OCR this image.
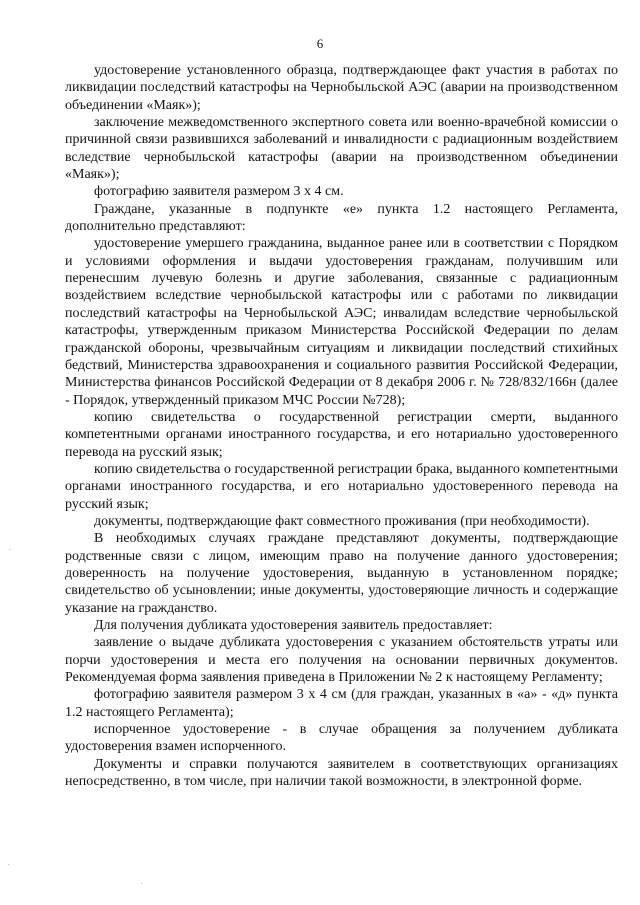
6

удостоверение установленного образца, подтверждающее факт участия в работах по ликвидации последствий катастрофы на Чернобыльской АЭС (аварии на производственном объединении «Маяк»);

заключение межведомственного экспертного совета или военно-врачебной комиссии о причинной связи развившихся заболеваний и инвалидности с радиационным воздействием вследствие чернобыльской катастрофы (аварии на производственном объединении «Маяк»);

фотографию заявителя размером 3 х 4 см.

Граждане, указанные в подпункте «е» пункта 1.2 настоящего Регламента, дополнительно представляют:

удостоверение умершего гражданина, выданное ранее или в соответствии с Порядком и условиями оформления и выдачи удостоверения гражданам, получившим или перенесшим лучевую болезнь и другие заболевания, связанные с радиационным воздействием вследствие чернобыльской катастрофы или с работами по ликвидации последствий катастрофы на Чернобыльской АЭС; инвалидам вследствие чернобыльской катастрофы, утвержденным приказом Министерства Российской Федерации по делам гражданской обороны, чрезвычайным ситуациям и ликвидации последствий стихийных бедствий, Министерства здравоохранения и социального развития Российской Федерации, Министерства финансов Российской Федерации от 8 декабря 2006 г. № 728/832/166н (далее - Порядок, утвержденный приказом МЧС России №728);

копию свидетельства о государственной регистрации смерти, выданного компетентными органами иностранного государства, и его нотариально удостоверенного перевода на русский язык;

копию свидетельства о государственной регистрации брака, выданного компетентными органами иностранного государства, и его нотариально удостоверенного перевода на русский язык;

документы, подтверждающие факт совместного проживания (при необходимости).

В необходимых случаях граждане представляют документы, подтверждающие родственные связи с лицом, имеющим право на получение данного удостоверения; доверенность на получение удостоверения, выданную в установленном порядке; свидетельство об усыновлении; иные документы, удостоверяющие личность и содержащие указание на гражданство.

Для получения дубликата удостоверения заявитель предоставляет:

заявление о выдаче дубликата удостоверения с указанием обстоятельств утраты или порчи удостоверения и места его получения на основании первичных документов. Рекомендуемая форма заявления приведена в Приложении № 2 к настоящему Регламенту;

фотографию заявителя размером 3 х 4 см (для граждан, указанных в «а» - «д» пункта 1.2 настоящего Регламента);

испорченное удостоверение - в случае обращения за получением дубликата удостоверения взамен испорченного.

Документы и справки получаются заявителем в соответствующих организациях непосредственно, в том числе, при наличии такой возможности, в электронной форме.

·
·
·
